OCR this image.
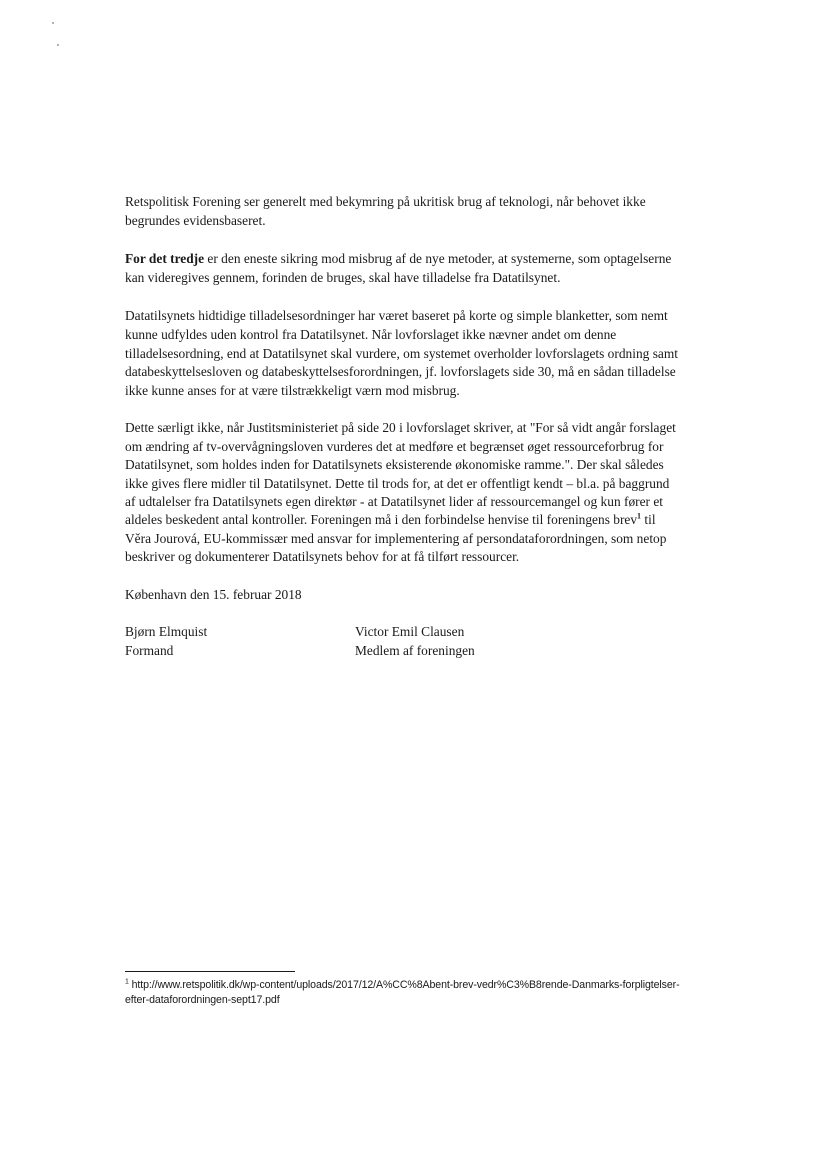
Retspolitisk Forening ser generelt med bekymring på ukritisk brug af teknologi, når behovet ikke begrundes evidensbaseret.

For det tredje er den eneste sikring mod misbrug af de nye metoder, at systemerne, som optagelserne kan videregives gennem, forinden de bruges, skal have tilladelse fra Datatilsynet.

Datatilsynets hidtidige tilladelsesordninger har været baseret på korte og simple blanketter, som nemt kunne udfyldes uden kontrol fra Datatilsynet. Når lovforslaget ikke nævner andet om denne tilladelsesordning, end at Datatilsynet skal vurdere, om systemet overholder lovforslagets ordning samt databeskyttelsesloven og databeskyttelsesforordningen, jf. lovforslagets side 30, må en sådan tilladelse ikke kunne anses for at være tilstrækkeligt værn mod misbrug.

Dette særligt ikke, når Justitsministeriet på side 20 i lovforslaget skriver, at "For så vidt angår forslaget om ændring af tv-overvågningsloven vurderes det at medføre et begrænset øget ressourceforbrug for Datatilsynet, som holdes inden for Datatilsynets eksisterende økonomiske ramme.". Der skal således ikke gives flere midler til Datatilsynet. Dette til trods for, at det er offentligt kendt – bl.a. på baggrund af udtalelser fra Datatilsynets egen direktør - at Datatilsynet lider af ressourcemangel og kun fører et aldeles beskedent antal kontroller. Foreningen må i den forbindelse henvise til foreningens brev$^1$ til Věra Jourová, EU-kommissær med ansvar for implementering af persondataforordningen, som netop beskriver og dokumenterer Datatilsynets behov for at få tilført ressourcer.

København den 15. februar 2018
Bjørn Elmquist
Formand
Victor Emil Clausen
Medlem af foreningen
$^1$ http://www.retspolitik.dk/wp-content/uploads/2017/12/A%CC%8Abent-brev-vedr%C3%B8rende-Danmarks-forpligtelser-efter-dataforordningen-sept17.pdf
